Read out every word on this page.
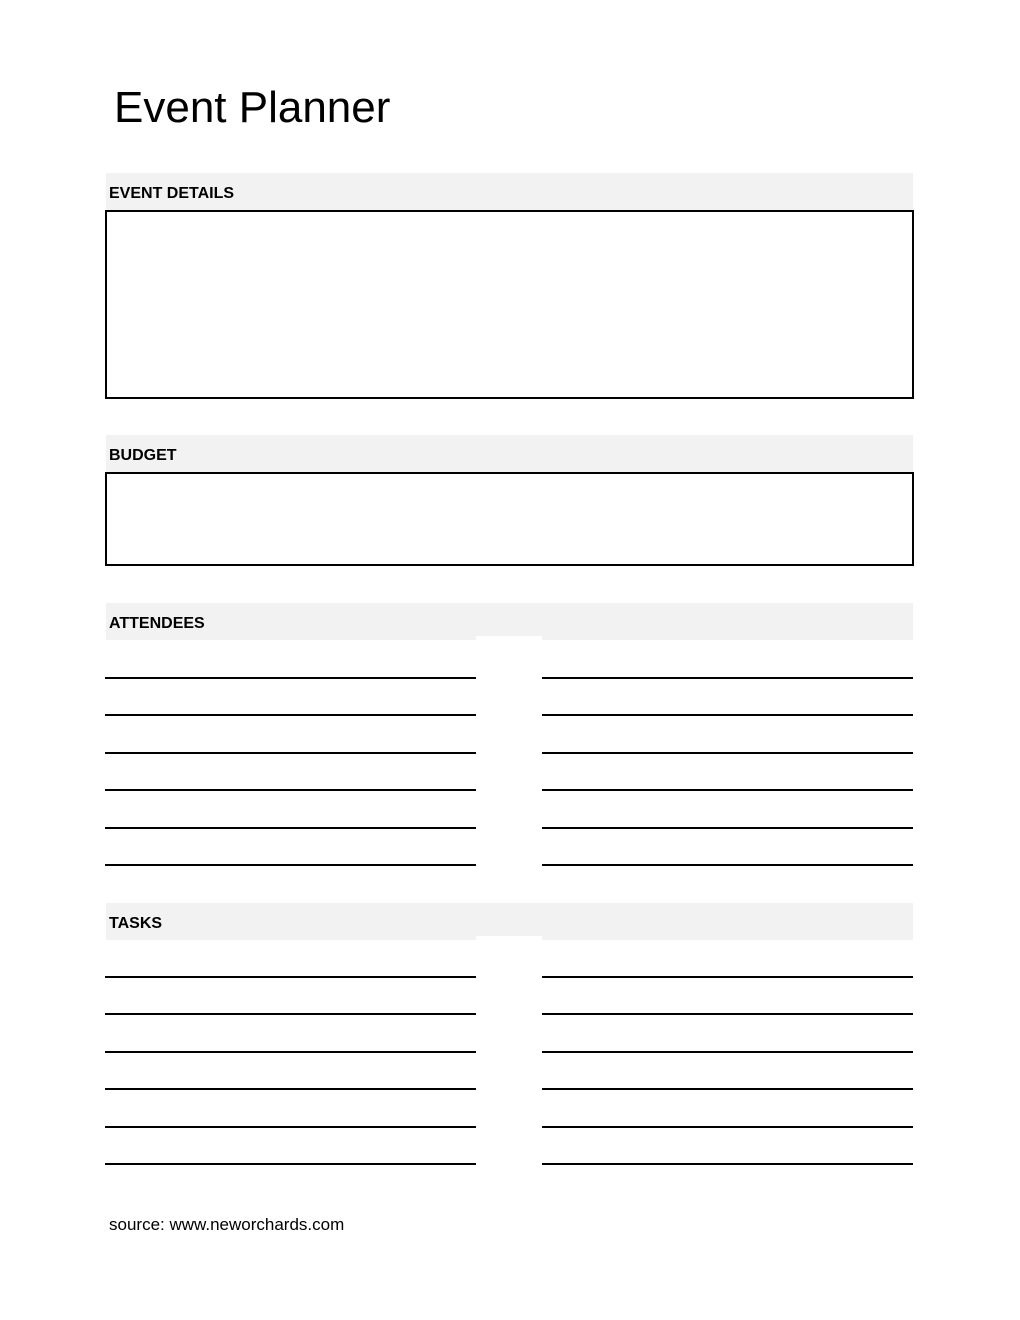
Event Planner
EVENT DETAILS
BUDGET
ATTENDEES
TASKS
source: www.neworchards.com
